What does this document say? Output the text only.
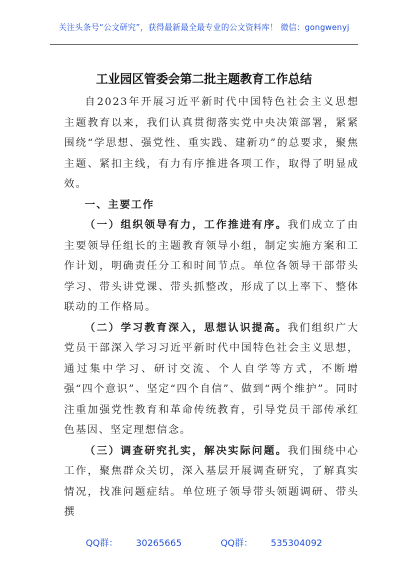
关注头条号“公文研究”，获得最新最全最专业的公文资料库！ 微信：gongwenyj
工业园区管委会第二批主题教育工作总结

自2023年开展习近平新时代中国特色社会主义思想主题教育以来，我们认真贯彻落实党中央决策部署，紧紧围绕“学思想、强党性、重实践、建新功”的总要求，聚焦主题、紧扣主线，有力有序推进各项工作，取得了明显成效。

一、主要工作

（一）组织领导有力，工作推进有序。我们成立了由主要领导任组长的主题教育领导小组，制定实施方案和工作计划，明确责任分工和时间节点。单位各领导干部带头学习、带头讲党课、带头抓整改，形成了以上率下、整体联动的工作格局。

（二）学习教育深入，思想认识提高。我们组织广大党员干部深入学习习近平新时代中国特色社会主义思想，通过集中学习、研讨交流、个人自学等方式，不断增强“四个意识”、坚定“四个自信”、做到“两个维护”。同时注重加强党性教育和革命传统教育，引导党员干部传承红色基因、坚定理想信念。

（三）调查研究扎实，解决实际问题。我们围绕中心工作，聚焦群众关切，深入基层开展调查研究，了解真实情况，找准问题症结。单位班子领导带头领题调研、带头撰

QQ群： 30265665	QQ群： 535304092
